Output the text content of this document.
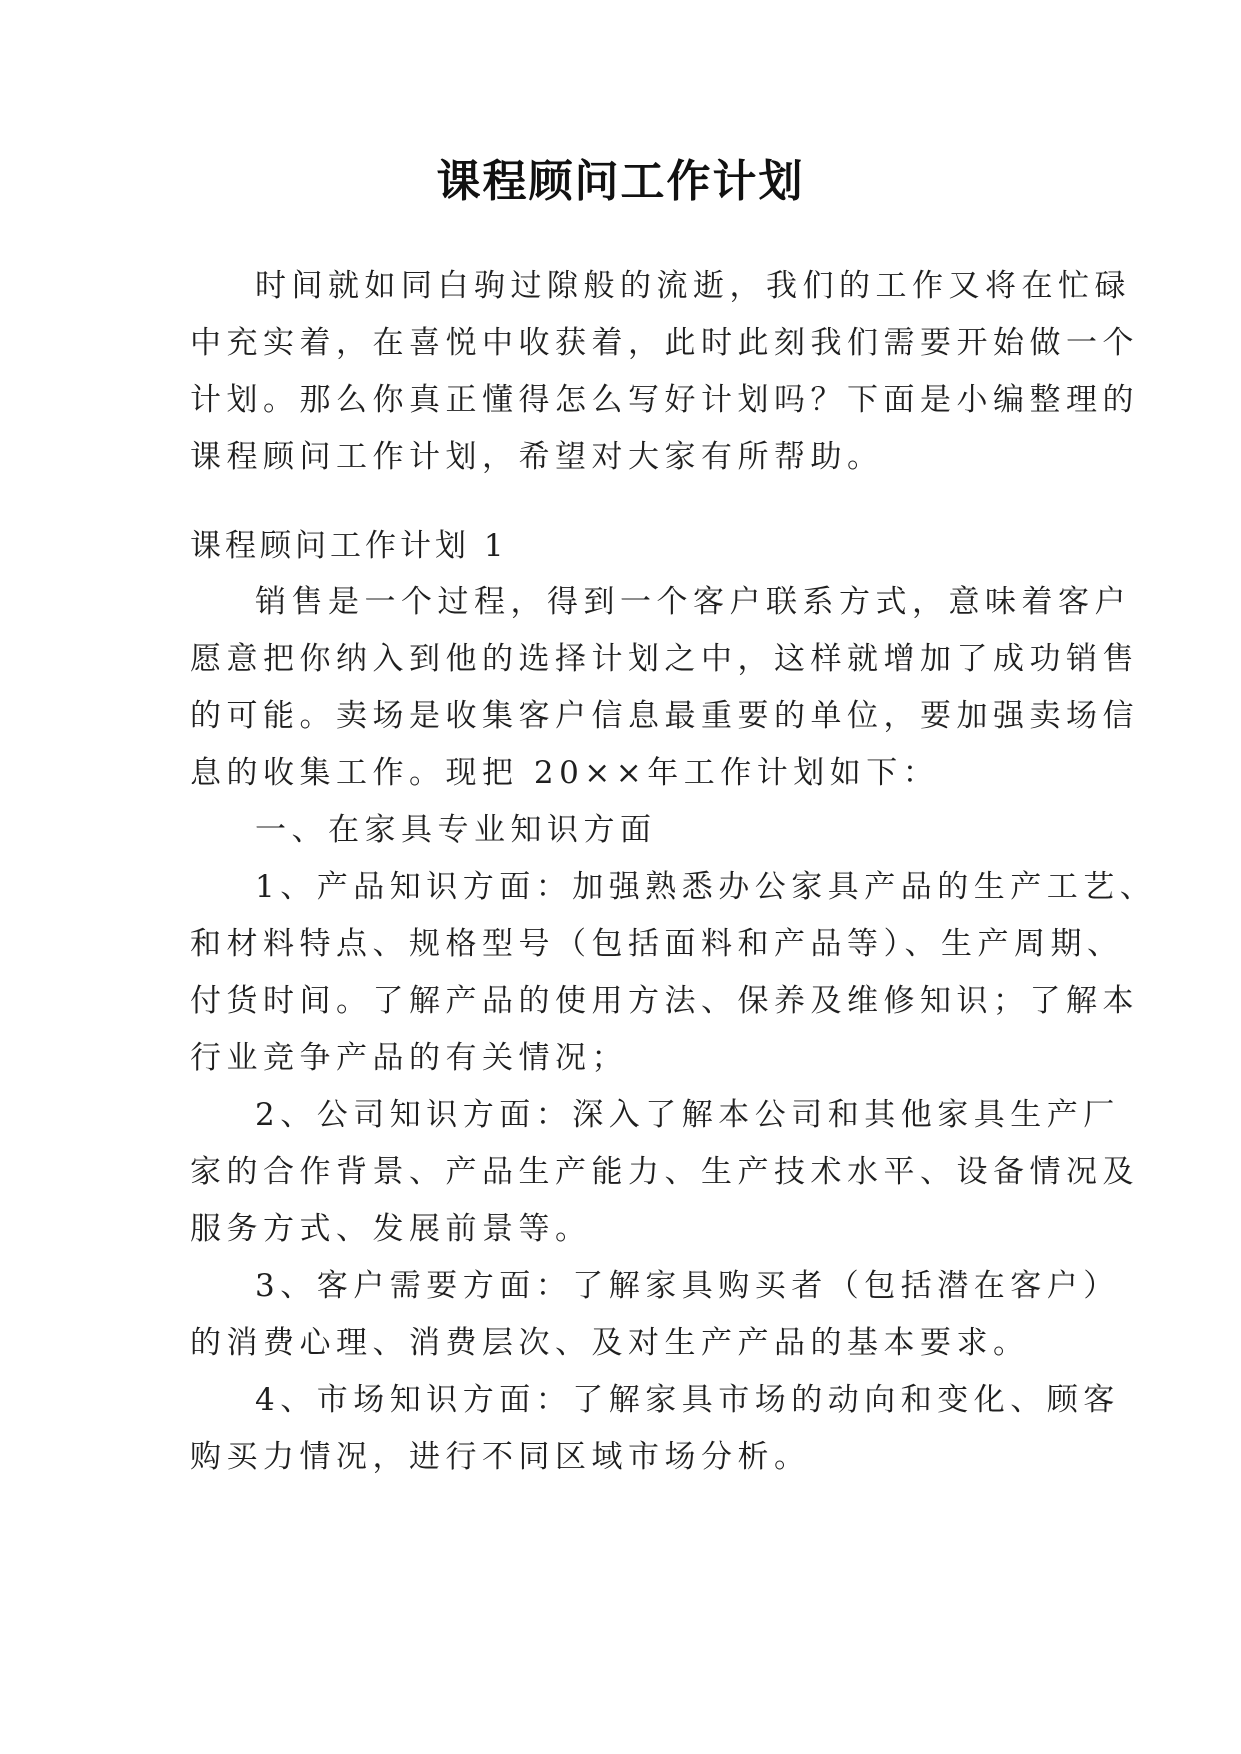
课程顾问工作计划
时间就如同白驹过隙般的流逝，我们的工作又将在忙碌
中充实着，在喜悦中收获着，此时此刻我们需要开始做一个
计划。那么你真正懂得怎么写好计划吗？下面是小编整理的
课程顾问工作计划，希望对大家有所帮助。
课程顾问工作计划 1
销售是一个过程，得到一个客户联系方式，意味着客户
愿意把你纳入到他的选择计划之中，这样就增加了成功销售
的可能。卖场是收集客户信息最重要的单位，要加强卖场信
息的收集工作。现把 20××年工作计划如下：
一、在家具专业知识方面
1、产品知识方面：加强熟悉办公家具产品的生产工艺、
和材料特点、规格型号（包括面料和产品等）、生产周期、
付货时间。了解产品的使用方法、保养及维修知识；了解本
行业竞争产品的有关情况；
2、公司知识方面：深入了解本公司和其他家具生产厂
家的合作背景、产品生产能力、生产技术水平、设备情况及
服务方式、发展前景等。
3、客户需要方面：了解家具购买者（包括潜在客户）
的消费心理、消费层次、及对生产产品的基本要求。
4、市场知识方面：了解家具市场的动向和变化、顾客
购买力情况，进行不同区域市场分析。
